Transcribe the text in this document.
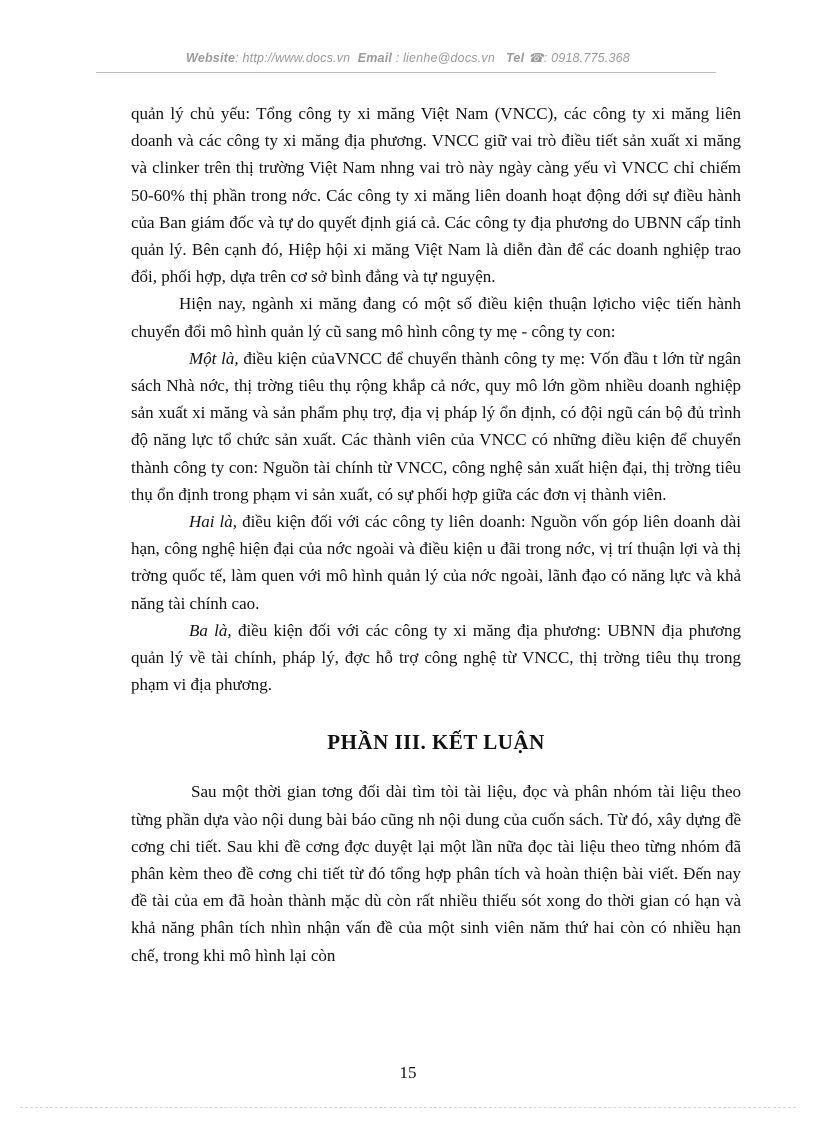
Website: http://www.docs.vn Email : lienhe@docs.vn Tel ☎: 0918.775.368

quản lý chủ yếu: Tổng công ty xi măng Việt Nam (VNCC), các công ty xi măng liên doanh và các công ty xi măng địa phương. VNCC giữ vai trò điều tiết sản xuất xi măng và clinker trên thị trường Việt Nam nhng vai trò này ngày càng yếu vì VNCC chỉ chiếm 50-60% thị phần trong nớc. Các công ty xi măng liên doanh hoạt động dới sự điều hành của Ban giám đốc và tự do quyết định giá cả. Các công ty địa phương do UBNN cấp tỉnh quản lý. Bên cạnh đó, Hiệp hội xi măng Việt Nam là diễn đàn để các doanh nghiệp trao đổi, phối hợp, dựa trên cơ sở bình đẳng và tự nguyện.

Hiện nay, ngành xi măng đang có một số điều kiện thuận lợicho việc tiến hành chuyển đổi mô hình quản lý cũ sang mô hình công ty mẹ - công ty con:

Một là, điều kiện củaVNCC để chuyển thành công ty mẹ: Vốn đầu t lớn từ ngân sách Nhà nớc, thị trờng tiêu thụ rộng khắp cả nớc, quy mô lớn gồm nhiều doanh nghiệp sản xuất xi măng và sản phẩm phụ trợ, địa vị pháp lý ổn định, có đội ngũ cán bộ đủ trình độ năng lực tổ chức sản xuất. Các thành viên của VNCC có những điều kiện để chuyển thành công ty con: Nguồn tài chính từ VNCC, công nghệ sản xuất hiện đại, thị trờng tiêu thụ ổn định trong phạm vi sản xuất, có sự phối hợp giữa các đơn vị thành viên.

Hai là, điều kiện đối với các công ty liên doanh: Nguồn vốn góp liên doanh dài hạn, công nghệ hiện đại của nớc ngoài và điều kiện u đãi trong nớc, vị trí thuận lợi và thị trờng quốc tế, làm quen với mô hình quản lý của nớc ngoài, lãnh đạo có năng lực và khả năng tài chính cao.

Ba là, điều kiện đối với các công ty xi măng địa phương: UBNN địa phương quản lý về tài chính, pháp lý, đợc hỗ trợ công nghệ từ VNCC, thị trờng tiêu thụ trong phạm vi địa phương.

PHẦN III. KẾT LUẬN

Sau một thời gian tơng đối dài tìm tòi tài liệu, đọc và phân nhóm tài liệu theo từng phần dựa vào nội dung bài báo cũng nh nội dung của cuốn sách. Từ đó, xây dựng đề cơng chi tiết. Sau khi đề cơng đợc duyệt lại một lần nữa đọc tài liệu theo từng nhóm đã phân kèm theo đề cơng chi tiết từ đó tổng hợp phân tích và hoàn thiện bài viết. Đến nay đề tài của em đã hoàn thành mặc dù còn rất nhiều thiếu sót xong do thời gian có hạn và khả năng phân tích nhìn nhận vấn đề của một sinh viên năm thứ hai còn có nhiều hạn chế, trong khi mô hình lại còn

15
